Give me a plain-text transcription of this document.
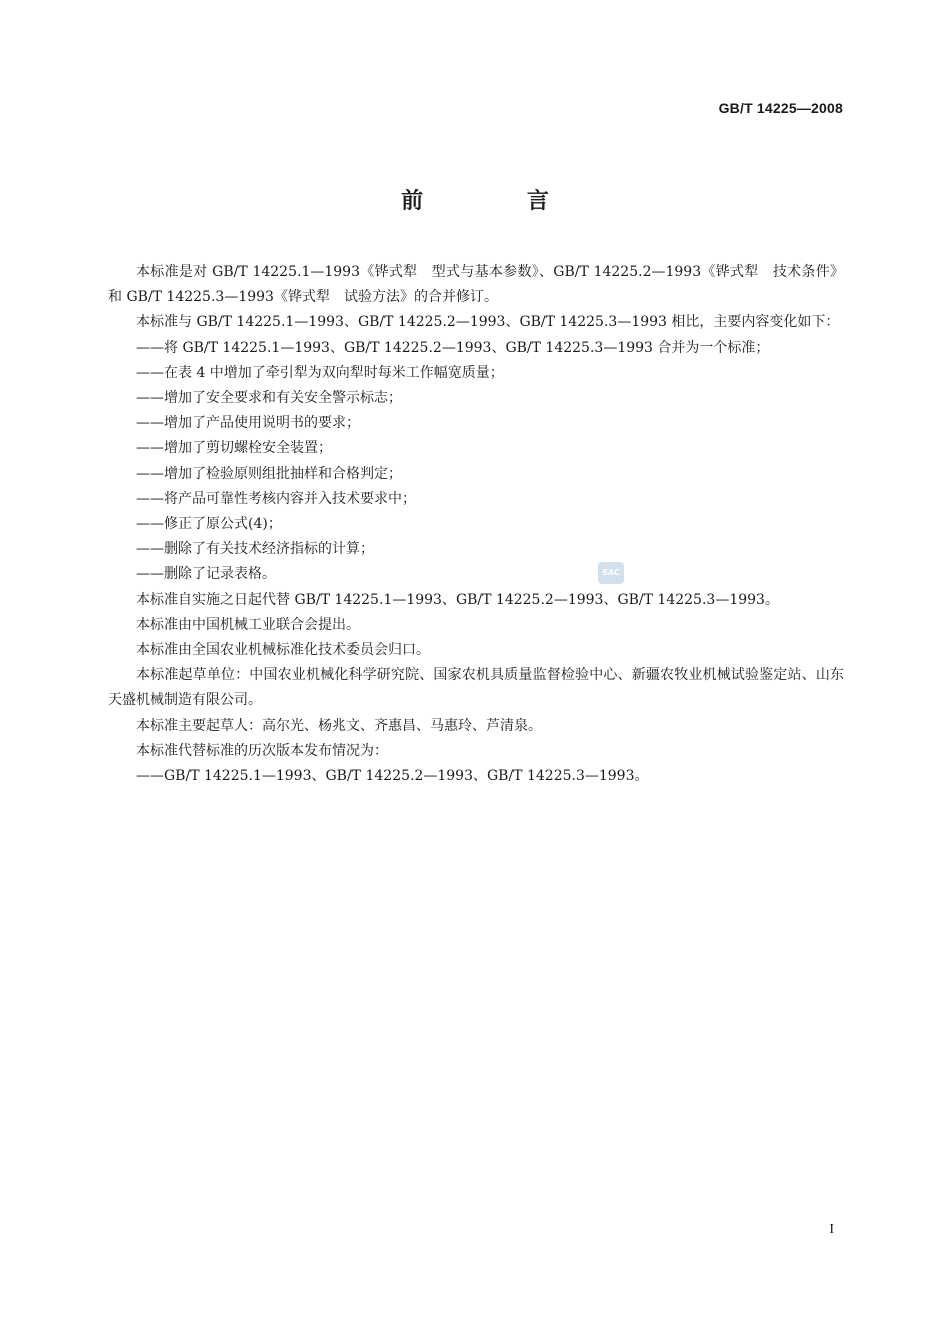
GB/T 14225—2008
前 言

本标准是对 GB/T 14225.1—1993《铧式犁　型式与基本参数》、GB/T 14225.2—1993《铧式犁　技术条件》和 GB/T 14225.3—1993《铧式犁　试验方法》的合并修订。

本标准与 GB/T 14225.1—1993、GB/T 14225.2—1993、GB/T 14225.3—1993 相比，主要内容变化如下：

——将 GB/T 14225.1—1993、GB/T 14225.2—1993、GB/T 14225.3—1993 合并为一个标准；

——在表 4 中增加了牵引犁为双向犁时每米工作幅宽质量；

——增加了安全要求和有关安全警示标志；

——增加了产品使用说明书的要求；

——增加了剪切螺栓安全装置；

——增加了检验原则组批抽样和合格判定；

——将产品可靠性考核内容并入技术要求中；

——修正了原公式(4)；

——删除了有关技术经济指标的计算；

——删除了记录表格。

本标准自实施之日起代替 GB/T 14225.1—1993、GB/T 14225.2—1993、GB/T 14225.3—1993。

本标准由中国机械工业联合会提出。

本标准由全国农业机械标准化技术委员会归口。

本标准起草单位：中国农业机械化科学研究院、国家农机具质量监督检验中心、新疆农牧业机械试验鉴定站、山东天盛机械制造有限公司。

本标准主要起草人：高尔光、杨兆文、齐惠昌、马惠玲、芦清泉。

本标准代替标准的历次版本发布情况为：

——GB/T 14225.1—1993、GB/T 14225.2—1993、GB/T 14225.3—1993。

SAC
I
